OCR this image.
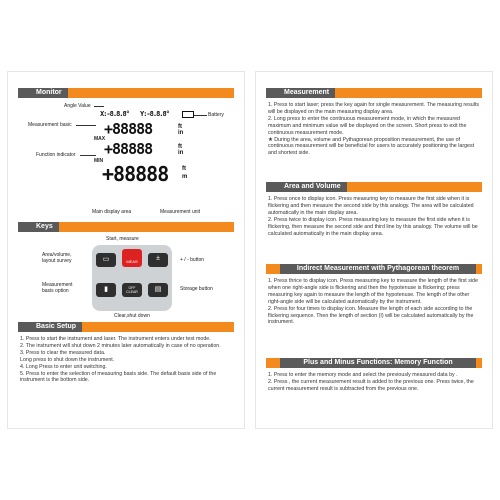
Monitor
Angle Value
X:-8.8.8° Y:-8.8.8°
+88888	ft
in
MAX
+88888	ft
in
MIN
+88888 ft
m
Battery
Measurement basic
Function indicator
Main display area	Measurement unit
Keys
Start, measure
▭	MEAS	±
▮	OFF
CLEAR	▤
Area/volume,
layout survey	+ / - button
Measurement
basis option	Storage button
Clear,shut down
Basic Setup

1. Press to start the instrument and laser. The instrument enters under test mode.

2. The instrument will shut down 2 minutes later automatically in case of no operation.

3. Press to clear the measured data.

Long press to shut down the instrument.

4. Long Press to enter unit switching.

5. Press to enter the selection of measuring basis side. The default basis side of the instrument is the bottom side.

Measurement

1. Press to start laser; press the key again for single measurement. The measuring results will be displayed on the main measuring display area.

2. Long press to enter the continuous measurement mode, in which the measured maximum and minimum value will be displayed on the screen. Short press to exit the continuous measurement mode.

★ During the area, volume and Pythagorean proposition measurement, the use of continuous measurement will be beneficial for users to accurately positioning the largest and shortest side.

Area and Volume

1. Press once to display icon. Press measuring key to measure the first side when it is flickering and then measure the second side by this analogy. The area will be calculated automatically in the main display area.

2. Press twice to display icon. Press measuring key to measure the first side when it is flickering, then measure the second side and third line by this analogy. The volume will be calculated automatically in the main display area.

Indirect Measurement with Pythagorean theorem

1. Press thrice to display icon. Press measuring key to measure the length of the first side when one right-angle side is flickering and then the hypotenuse is flickering; press measuring key again to measure the length of the hypotenuse. The length of the other right-angle side will be calculated automatically by the instrument.

2. Press for four times to display icon. Measure the length of each side according to the flickering sequence. Then the length of section (I) will be calculated automatically by the instrument.

Plus and Minus Functions: Memory Function

1. Press to enter the memory mode and select the previously measured data by .

2. Press , the current measurement result is added to the previous one. Press twice, the current measurement result is subtracted from the previous one.
